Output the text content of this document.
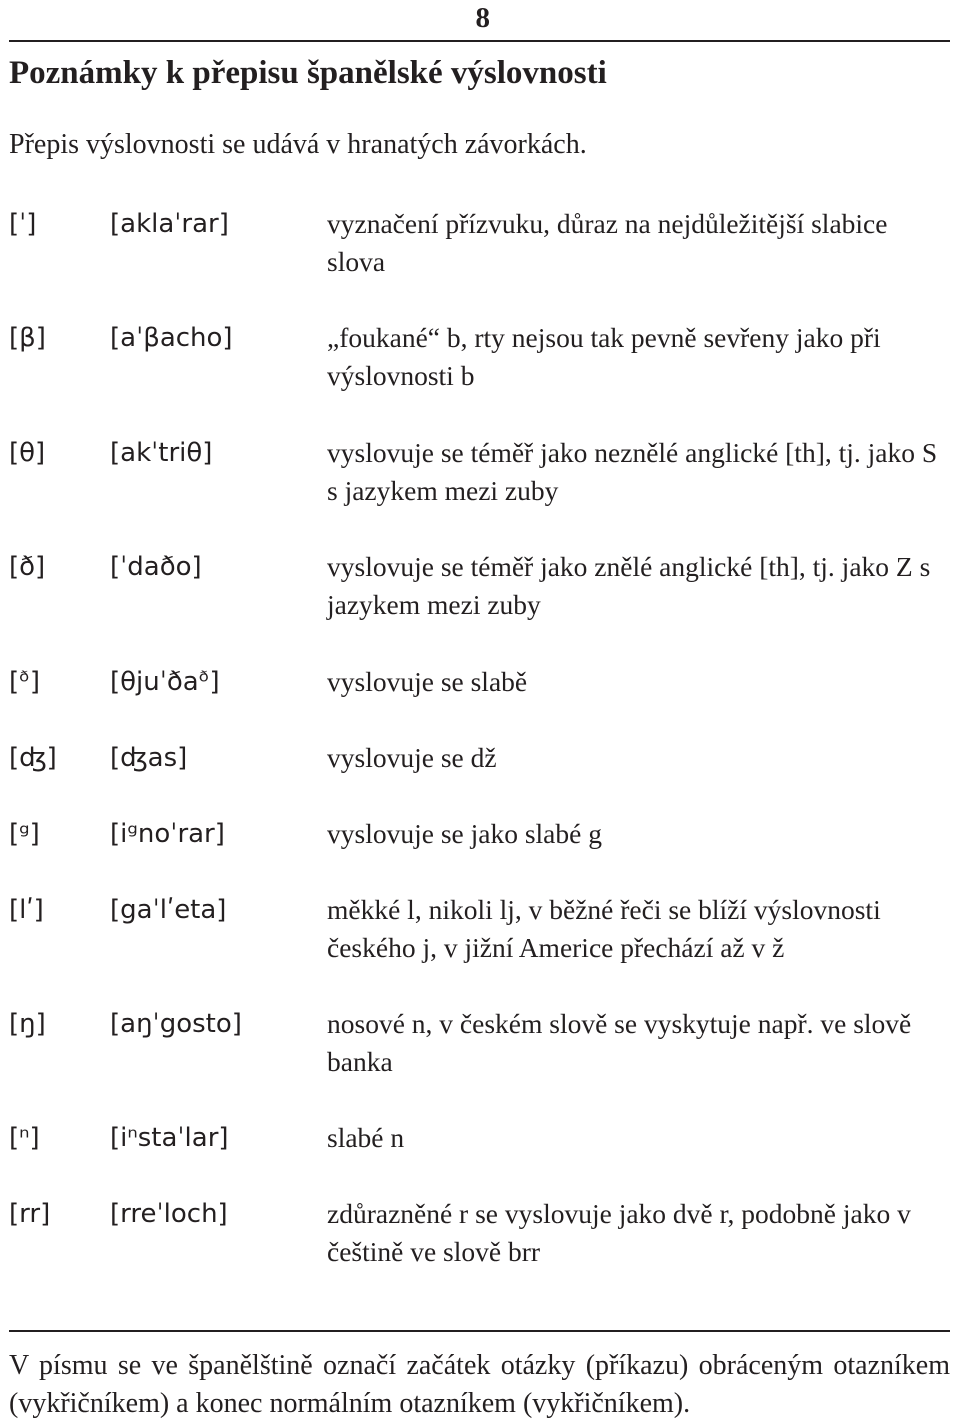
8
Poznámky k přepisu španělské výslovnosti

Přepis výslovnosti se udává v hranatých závorkách.

[ˈ]	[aklaˈrar]	vyznačení přízvuku, důraz na nejdůležitější slabice slova
[β] [aˈβacho]	„foukané“ b, rty nejsou tak pevně sevřeny jako při výslovnosti b
[θ] [akˈtriθ]	vyslovuje se téměř jako neznělé anglické [th], tj. jako S s jazykem mezi zuby
[ð] [ˈdaðo]	vyslovuje se téměř jako znělé anglické [th], tj. jako Z s jazykem mezi zuby
[ᶞ]	[θjuˈðaᶞ]	vyslovuje se slabě
[ʤ] [ʤas]	vyslovuje se dž
[ᵍ]	[iᵍnoˈrar]	vyslovuje se jako slabé g
[lʹ]	[gaˈlʹeta]	měkké l, nikoli lj, v běžné řeči se blíží výslovnosti českého j, v jižní Americe přechází až v ž
[ŋ] [aŋˈgosto]	nosové n, v českém slově se vyskytuje např. ve slově banka
[ⁿ]	[iⁿstaˈlar]	slabé n
[rr] [rreˈloch]	zdůrazněné r se vyslovuje jako dvě r, podobně jako v češtině ve slově brr

V písmu se ve španělštině označí začátek otázky (příkazu) obráceným otazníkem (vykřičníkem) a konec normálním otazníkem (vykřičníkem).
